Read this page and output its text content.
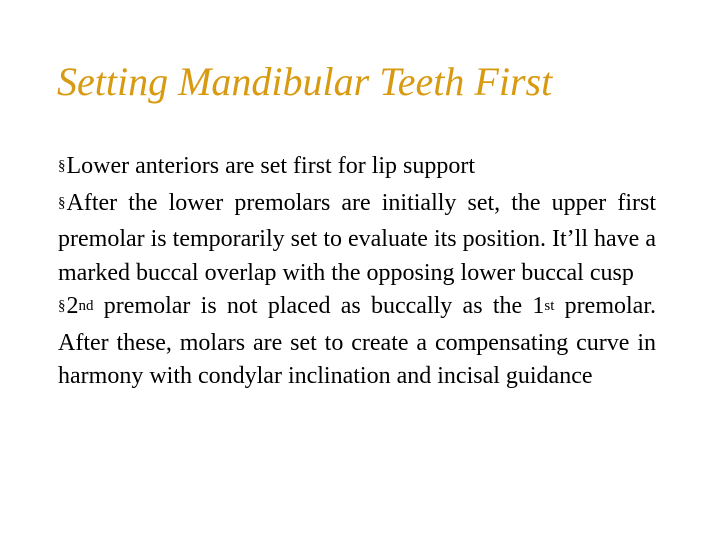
Setting Mandibular Teeth First

§Lower anteriors are set first for lip support

§After the lower premolars are initially set, the upper first premolar is temporarily set to evaluate its position. It’ll have a marked buccal overlap with the opposing lower buccal cusp

§2nd premolar is not placed as buccally as the 1st premolar. After these, molars are set to create a compensating curve in harmony with condylar inclination and incisal guidance
